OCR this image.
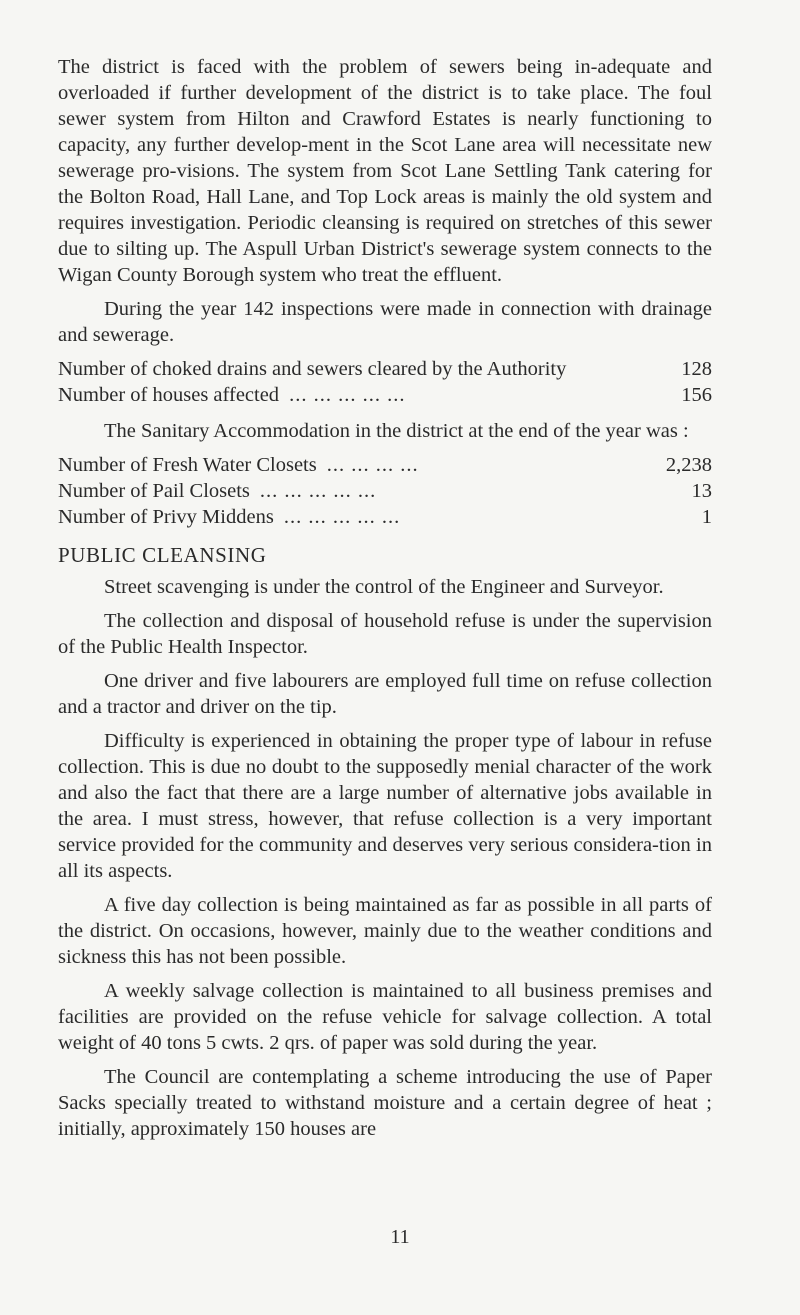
The district is faced with the problem of sewers being in-adequate and overloaded if further development of the district is to take place. The foul sewer system from Hilton and Crawford Estates is nearly functioning to capacity, any further develop-ment in the Scot Lane area will necessitate new sewerage pro-visions. The system from Scot Lane Settling Tank catering for the Bolton Road, Hall Lane, and Top Lock areas is mainly the old system and requires investigation. Periodic cleansing is required on stretches of this sewer due to silting up. The Aspull Urban District's sewerage system connects to the Wigan County Borough system who treat the effluent.

During the year 142 inspections were made in connection with drainage and sewerage.

Number of choked drains and sewers cleared by the Authority	128
Number of houses affected ... ... ... ... ...	156

The Sanitary Accommodation in the district at the end of the year was :

Number of Fresh Water Closets ... ... ... ...	2,238
Number of Pail Closets ... ... ... ... ...	13
Number of Privy Middens ... ... ... ... ...	1
PUBLIC CLEANSING

Street scavenging is under the control of the Engineer and Surveyor.

The collection and disposal of household refuse is under the supervision of the Public Health Inspector.

One driver and five labourers are employed full time on refuse collection and a tractor and driver on the tip.

Difficulty is experienced in obtaining the proper type of labour in refuse collection. This is due no doubt to the supposedly menial character of the work and also the fact that there are a large number of alternative jobs available in the area. I must stress, however, that refuse collection is a very important service provided for the community and deserves very serious considera-tion in all its aspects.

A five day collection is being maintained as far as possible in all parts of the district. On occasions, however, mainly due to the weather conditions and sickness this has not been possible.

A weekly salvage collection is maintained to all business premises and facilities are provided on the refuse vehicle for salvage collection. A total weight of 40 tons 5 cwts. 2 qrs. of paper was sold during the year.

The Council are contemplating a scheme introducing the use of Paper Sacks specially treated to withstand moisture and a certain degree of heat ; initially, approximately 150 houses are

11
